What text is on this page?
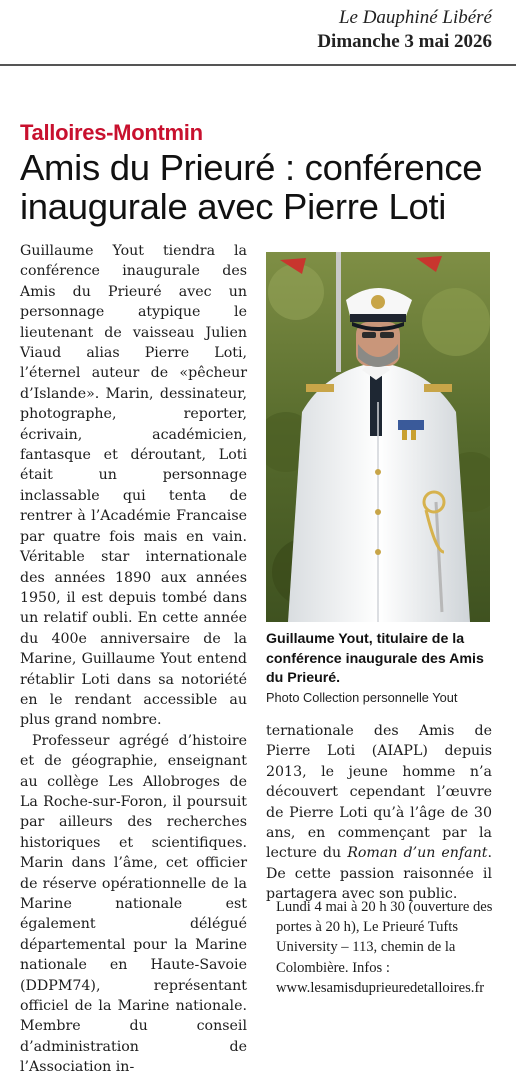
Le Dauphiné Libéré
Dimanche 3 mai 2026
Talloires-Montmin
Amis du Prieuré : conférence inaugurale avec Pierre Loti

Guillaume Yout tiendra la conférence inaugurale des Amis du Prieuré avec un personnage atypique le lieutenant de vaisseau Julien Viaud alias Pierre Loti, l’éternel auteur de «pêcheur d’Islande». Marin, dessinateur, photographe, reporter, écrivain, académicien, fantasque et déroutant, Loti était un personnage inclassable qui tenta de rentrer à l’Académie Francaise par quatre fois mais en vain. Véritable star internationale des années 1890 aux années 1950, il est depuis tombé dans un relatif oubli. En cette année du 400e anniversaire de la Marine, Guillaume Yout entend rétablir Loti dans sa notoriété en le rendant accessible au plus grand nombre.

Professeur agrégé d’histoire et de géographie, enseignant au collège Les Allobroges de La Roche-sur-Foron, il poursuit par ailleurs des recherches historiques et scientifiques. Marin dans l’âme, cet officier de réserve opérationnelle de la Marine nationale est également délégué départemental pour la Marine nationale en Haute-Savoie (DDPM74), représentant officiel de la Marine nationale. Membre du conseil d’administration de l’Association in-

Guillaume Yout, titulaire de la conférence inaugurale des Amis du Prieuré.
Photo Collection personnelle Yout

ternationale des Amis de Pierre Loti (AIAPL) depuis 2013, le jeune homme n’a découvert cependant l’œuvre de Pierre Loti qu’à l’âge de 30 ans, en commençant par la lecture du Roman d’un enfant. De cette passion raisonnée il partagera avec son public.

Lundi 4 mai à 20 h 30 (ouverture des portes à 20 h), Le Prieuré Tufts University – 113, chemin de la Colombière. Infos : www.lesamisduprieuredetalloires.fr
